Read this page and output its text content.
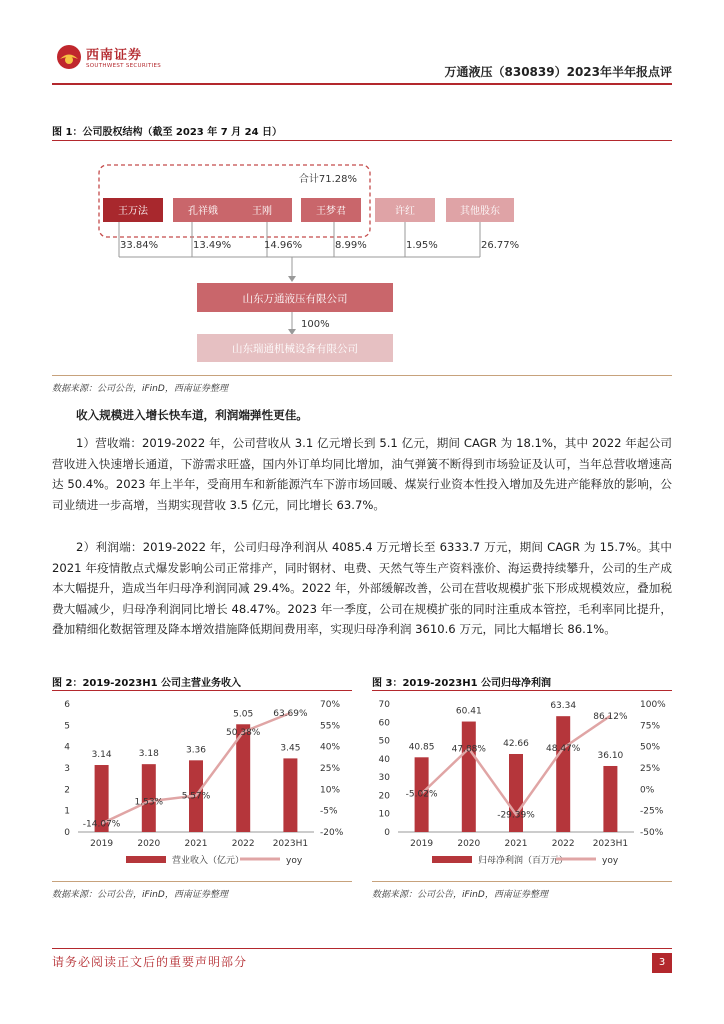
西南证券
SOUTHWEST SECURITIES	万通液压（830839）2023年半年报点评
图 1：公司股权结构（截至 2023 年 7 月 24 日）
合计71.28%
王万法	孔祥娥	王刚	王梦君	许红	其他股东
33.84%	13.49%	14.96%	8.99%	1.95%	26.77%
山东万通液压有限公司
100%
山东瑞通机械设备有限公司
数据来源：公司公告，iFinD，西南证券整理
收入规模进入增长快车道，利润端弹性更佳。

1）营收端：2019-2022 年，公司营收从 3.1 亿元增长到 5.1 亿元，期间 CAGR 为 18.1%，其中 2022 年起公司营收进入快速增长通道，下游需求旺盛，国内外订单均同比增加，油气弹簧不断得到市场验证及认可，当年总营收增速高达 50.4%。2023 年上半年，受商用车和新能源汽车下游市场回暖、煤炭行业资本性投入增加及先进产能释放的影响，公司业绩进一步高增，当期实现营收 3.5 亿元，同比增长 63.7%。

2）利润端：2019-2022 年，公司归母净利润从 4085.4 万元增长至 6333.7 万元，期间 CAGR 为 15.7%。其中 2021 年疫情散点式爆发影响公司正常排产，同时钢材、电费、天然气等生产资料涨价、海运费持续攀升，公司的生产成本大幅提升，造成当年归母净利润同减 29.4%。2022 年，外部缓解改善，公司在营收规模扩张下形成规模效应，叠加税费大幅减少，归母净利润同比增长 48.47%。2023 年一季度，公司在规模扩张的同时注重成本管控，毛利率同比提升，叠加精细化数据管理及降本增效措施降低期间费用率，实现归母净利润 3610.6 万元，同比大幅增长 86.1%。

图 2：2019-2023H1 公司主营业务收入
0
1
2
3
4
5
6
-20%
-5%
10%
25%
40%
55%
70%
2019	2020	2021	2022 2023H1
3.14	3.18	3.36
5.05
3.45
-14.07%
1.53%
5.57%
50.38%
63.69%
营业收入（亿元）	yoy
数据来源：公司公告，iFinD，西南证券整理
图 3：2019-2023H1 公司归母净利润
0
10
20
30
40
50
60
70
-50%
-25%
0%
25%
50%
75%
100%
2019	2020	2021	2022 2023H1
40.85
60.41
42.66
63.34
36.10
-5.02%
47.88%
-29.39%
48.47%
86.12%
归母净利润（百万元）	yoy
数据来源：公司公告，iFinD，西南证券整理
请务必阅读正文后的重要声明部分	3
